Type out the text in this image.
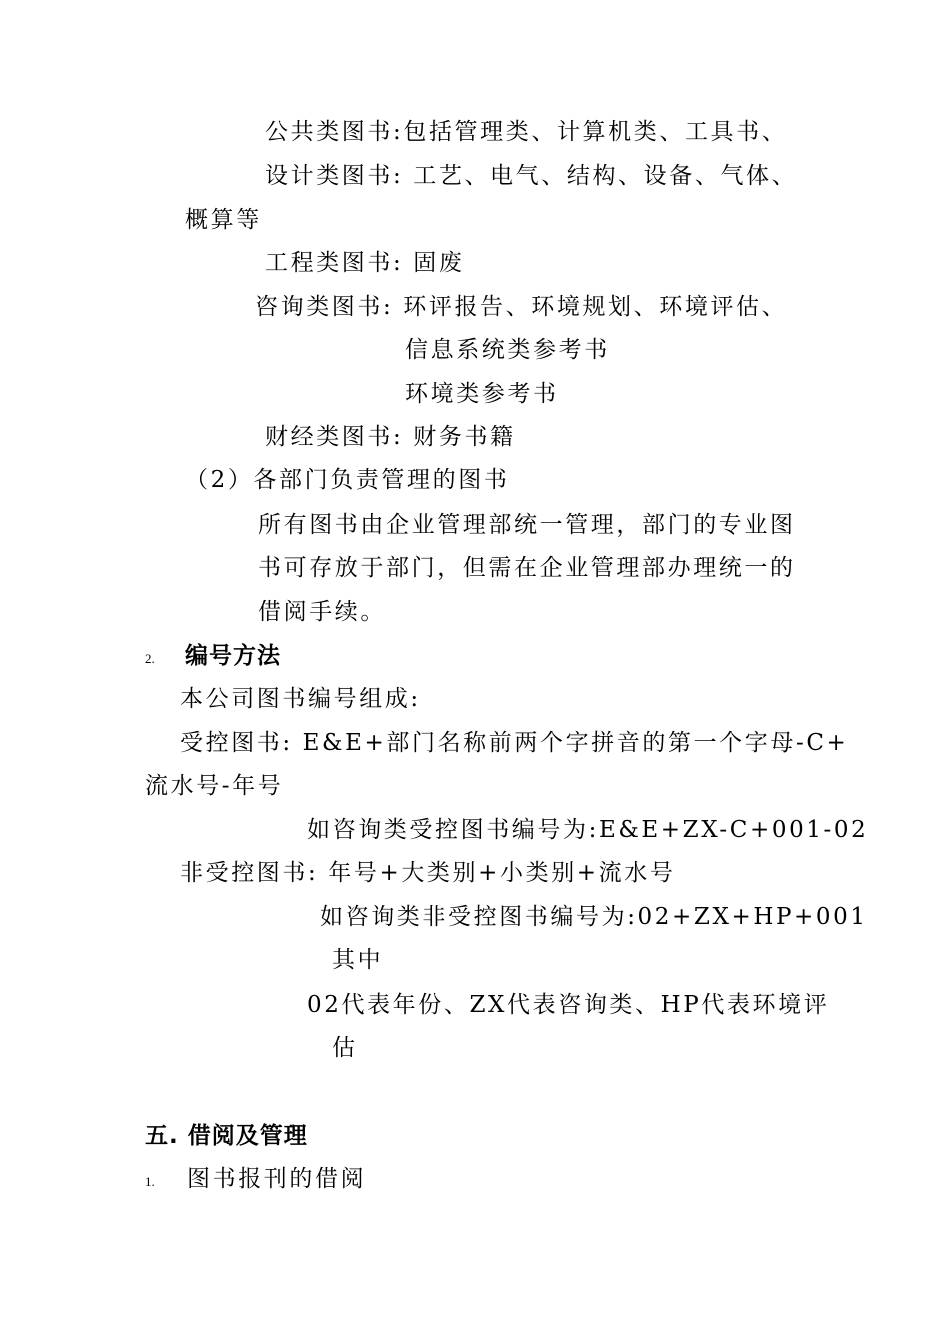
公共类图书:包括管理类、计算机类、工具书、
设计类图书: 工艺、电气、结构、设备、气体、
概算等
工程类图书: 固废
咨询类图书: 环评报告、环境规划、环境评估、
信息系统类参考书
环境类参考书
财经类图书: 财务书籍
（2）各部门负责管理的图书
所有图书由企业管理部统一管理，部门的专业图
书可存放于部门，但需在企业管理部办理统一的
借阅手续。
2. 编号方法
本公司图书编号组成:
受控图书: E&E+部门名称前两个字拼音的第一个字母-C+
流水号-年号
如咨询类受控图书编号为:E&E+ZX-C+001-02
非受控图书: 年号+大类别+小类别+流水号
如咨询类非受控图书编号为:02+ZX+HP+001
其中
02代表年份、ZX代表咨询类、HP代表环境评
估
五. 借阅及管理
1. 图书报刊的借阅
